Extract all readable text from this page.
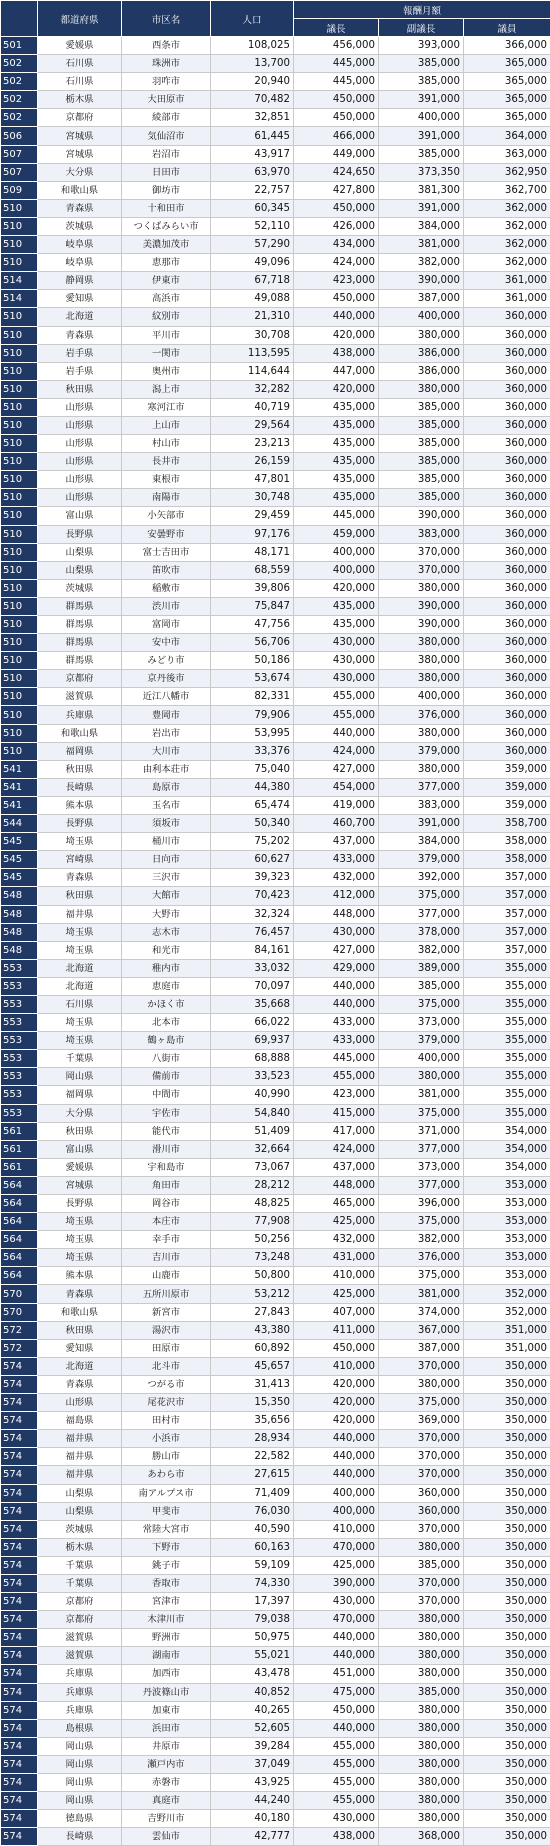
	都道府県	市区名	人口	報酬月額		
				議長	副議長	議員
501	愛媛県	西条市	108,025	456,000	393,000	366,000
502	石川県	珠洲市	13,700	445,000	385,000	365,000
502	石川県	羽咋市	20,940	445,000	385,000	365,000
502	栃木県	大田原市	70,482	450,000	391,000	365,000
502	京都府	綾部市	32,851	450,000	400,000	365,000
506	宮城県	気仙沼市	61,445	466,000	391,000	364,000
507	宮城県	岩沼市	43,917	449,000	385,000	363,000
507	大分県	日田市	63,970	424,650	373,350	362,950
509	和歌山県	御坊市	22,757	427,800	381,300	362,700
510	青森県	十和田市	60,345	450,000	391,000	362,000
510	茨城県	つくばみらい市	52,110	426,000	384,000	362,000
510	岐阜県	美濃加茂市	57,290	434,000	381,000	362,000
510	岐阜県	恵那市	49,096	424,000	382,000	362,000
514	静岡県	伊東市	67,718	423,000	390,000	361,000
514	愛知県	高浜市	49,088	450,000	387,000	361,000
510	北海道	紋別市	21,310	440,000	400,000	360,000
510	青森県	平川市	30,708	420,000	380,000	360,000
510	岩手県	一関市	113,595	438,000	386,000	360,000
510	岩手県	奥州市	114,644	447,000	386,000	360,000
510	秋田県	潟上市	32,282	420,000	380,000	360,000
510	山形県	寒河江市	40,719	435,000	385,000	360,000
510	山形県	上山市	29,564	435,000	385,000	360,000
510	山形県	村山市	23,213	435,000	385,000	360,000
510	山形県	長井市	26,159	435,000	385,000	360,000
510	山形県	東根市	47,801	435,000	385,000	360,000
510	山形県	南陽市	30,748	435,000	385,000	360,000
510	富山県	小矢部市	29,459	445,000	390,000	360,000
510	長野県	安曇野市	97,176	459,000	383,000	360,000
510	山梨県	富士吉田市	48,171	400,000	370,000	360,000
510	山梨県	笛吹市	68,559	400,000	370,000	360,000
510	茨城県	稲敷市	39,806	420,000	380,000	360,000
510	群馬県	渋川市	75,847	435,000	390,000	360,000
510	群馬県	富岡市	47,756	435,000	390,000	360,000
510	群馬県	安中市	56,706	430,000	380,000	360,000
510	群馬県	みどり市	50,186	430,000	380,000	360,000
510	京都府	京丹後市	53,674	430,000	380,000	360,000
510	滋賀県	近江八幡市	82,331	455,000	400,000	360,000
510	兵庫県	豊岡市	79,906	455,000	376,000	360,000
510	和歌山県	岩出市	53,995	440,000	380,000	360,000
510	福岡県	大川市	33,376	424,000	379,000	360,000
541	秋田県	由利本荘市	75,040	427,000	380,000	359,000
541	長崎県	島原市	44,380	454,000	377,000	359,000
541	熊本県	玉名市	65,474	419,000	383,000	359,000
544	長野県	須坂市	50,340	460,700	391,000	358,700
545	埼玉県	桶川市	75,202	437,000	384,000	358,000
545	宮崎県	日向市	60,627	433,000	379,000	358,000
545	青森県	三沢市	39,323	432,000	392,000	357,000
548	秋田県	大館市	70,423	412,000	375,000	357,000
548	福井県	大野市	32,324	448,000	377,000	357,000
548	埼玉県	志木市	76,457	430,000	378,000	357,000
548	埼玉県	和光市	84,161	427,000	382,000	357,000
553	北海道	稚内市	33,032	429,000	389,000	355,000
553	北海道	恵庭市	70,097	440,000	385,000	355,000
553	石川県	かほく市	35,668	440,000	375,000	355,000
553	埼玉県	北本市	66,022	433,000	373,000	355,000
553	埼玉県	鶴ヶ島市	69,937	433,000	379,000	355,000
553	千葉県	八街市	68,888	445,000	400,000	355,000
553	岡山県	備前市	33,523	455,000	380,000	355,000
553	福岡県	中間市	40,990	423,000	381,000	355,000
553	大分県	宇佐市	54,840	415,000	375,000	355,000
561	秋田県	能代市	51,409	417,000	371,000	354,000
561	富山県	滑川市	32,664	424,000	377,000	354,000
561	愛媛県	宇和島市	73,067	437,000	373,000	354,000
564	宮城県	角田市	28,212	448,000	377,000	353,000
564	長野県	岡谷市	48,825	465,000	396,000	353,000
564	埼玉県	本庄市	77,908	425,000	375,000	353,000
564	埼玉県	幸手市	50,256	432,000	382,000	353,000
564	埼玉県	吉川市	73,248	431,000	376,000	353,000
564	熊本県	山鹿市	50,800	410,000	375,000	353,000
570	青森県	五所川原市	53,212	425,000	381,000	352,000
570	和歌山県	新宮市	27,843	407,000	374,000	352,000
572	秋田県	湯沢市	43,380	411,000	367,000	351,000
572	愛知県	田原市	60,892	450,000	387,000	351,000
574	北海道	北斗市	45,657	410,000	370,000	350,000
574	青森県	つがる市	31,413	420,000	380,000	350,000
574	山形県	尾花沢市	15,350	420,000	375,000	350,000
574	福島県	田村市	35,656	420,000	369,000	350,000
574	福井県	小浜市	28,934	440,000	370,000	350,000
574	福井県	勝山市	22,582	440,000	370,000	350,000
574	福井県	あわら市	27,615	440,000	370,000	350,000
574	山梨県	南アルプス市	71,409	400,000	360,000	350,000
574	山梨県	甲斐市	76,030	400,000	360,000	350,000
574	茨城県	常陸大宮市	40,590	410,000	370,000	350,000
574	栃木県	下野市	60,163	470,000	380,000	350,000
574	千葉県	銚子市	59,109	425,000	385,000	350,000
574	千葉県	香取市	74,330	390,000	370,000	350,000
574	京都府	宮津市	17,397	430,000	370,000	350,000
574	京都府	木津川市	79,038	470,000	380,000	350,000
574	滋賀県	野洲市	50,975	440,000	380,000	350,000
574	滋賀県	湖南市	55,021	440,000	380,000	350,000
574	兵庫県	加西市	43,478	451,000	380,000	350,000
574	兵庫県	丹波篠山市	40,852	475,000	385,000	350,000
574	兵庫県	加東市	40,265	450,000	380,000	350,000
574	島根県	浜田市	52,605	440,000	380,000	350,000
574	岡山県	井原市	39,284	455,000	380,000	350,000
574	岡山県	瀬戸内市	37,049	455,000	380,000	350,000
574	岡山県	赤磐市	43,925	455,000	380,000	350,000
574	岡山県	真庭市	44,240	455,000	380,000	350,000
574	徳島県	吉野川市	40,180	430,000	380,000	350,000
574	長崎県	雲仙市	42,777	438,000	368,000	350,000
